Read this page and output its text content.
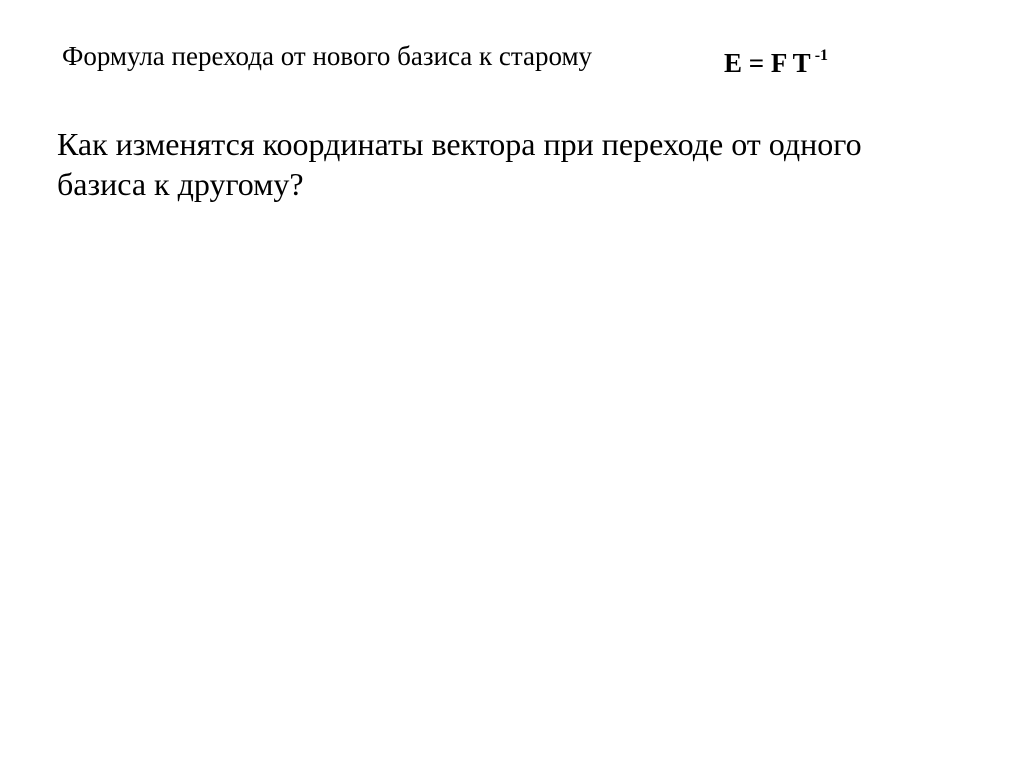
Формула перехода от нового базиса к старому	E = F T $^{-1}$
Как изменятся координаты вектора при переходе от одного
базиса к другому?
